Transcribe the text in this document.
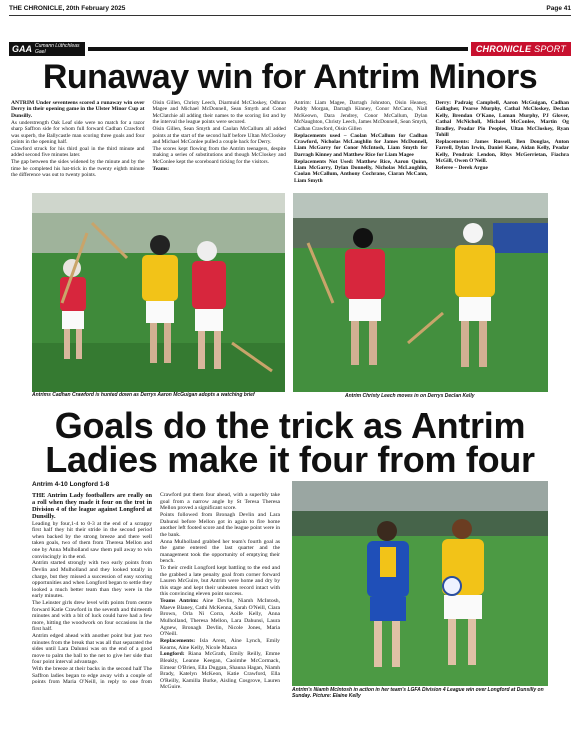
THE CHRONICLE, 20th February 2025	Page 41
GAA Cumann Lúthchleas Gael	CHRONICLE SPORT
Runaway win for Antrim Minors

ANTRIM Under seventeens scored a runaway win over Derry in their opening game in the Ulster Minor Cup at Dunsilly.

As understrength Oak Leaf side were no match for a razor sharp Saffron side for whom full forward Cadhan Crawford was superb, the Ballycastle man scoring three goals and four points in the opening half.

Crawford struck for his third goal in the third minute and added second five minutes later.

The gap between the sides widened by the minute and by the time he completed his hat-trick in the twenty eighth minute the difference was out to twenty points.

Oisin Gillen, Christy Leech, Diarmuid McCloskey, Odhran Magee and Michael McDonnell, Sean Smyth and Conor McClatchie all adding their names to the scoring list and by the interval the league points were secured.

Oisin Gillen, Sean Smyth and Caolan McCallum all added points at the start of the second half before Ultan McCloskey and Michael McConlee pulled a couple back for Derry.

The scores kept flowing from the Antrim teenagers, despite making a series of substitutions and though McCloskey and McConlee kept the scoreboard ticking for the visitors.

Teams:

Antrim: Liam Magee, Darragh Johnston, Oisin Heaney, Paddy Morgan, Darragh Kinney, Conor McCann, Niall McKeown, Dara Jendrey, Conor McCallum, Dylan McNaughton, Christy Leech, James McDonnell, Sean Smyth, Cadhan Crawford, Oisin Gillen

Replacements used – Caolan McCallum for Cadhan Crawford, Nicholas McLaughlin for James McDonnell, Liam McGarry for Conor McIntosh, Liam Smyth for Darragh Kinney and Matthew Rice for Liam Magee

Replacements Not Used: Matthew Rice, Aaron Quinn, Liam McGarry, Dylan Donnelly, Nicholas McLaughlin, Caolan McCallum, Anthony Cochrane, Ciaran McCann, Liam Smyth

Derry: Padraig Campbell, Aaron McGuigan, Cadhan Gallagher, Pearse Murphy, Cathal McCloskey, Declan Kelly, Brendan O'Kane, Loman Murphy, PJ Glover, Cathal McNicholl, Michael McConlee, Martin Og Bradley, Peadar Pio Peoples, Ultan McCloskey, Ryan Tohill

Replacements: James Russell, Ben Douglas, Anton Farrell, Dylan Irwin, Daniel Kane, Aidan Kelly, Peadar Kelly, Pendraic Lendon, Rhys McGerrietan, Fiachra McGill, Owen O'Neill.

Referee – Derek Argue

Antrims Cadhan Crawford is hunted down as Derrys Aaron McGuigan adopts a watching brief	Antrim Christy Leech moves in on Derrys Declan Kelly
Goals do the trick as Antrim
Ladies make it four from four
Antrim 4-10 Longford 1-8

THE Antrim Lady footballers are really on a roll when they made it four on the trot in Division 4 of the league against Longford at Dunsilly.

Leading by four,1-4 to 0-3 at the end of a scrappy first half they hit their stride in the second period when backed by the strong breeze and there well taken goals, two of them from Theresa Mellon and one by Anna Mulholland saw them pull away to win convincingly in the end.

Antrim started strongly with two early points from Devlin and Mulholland and they looked totally in charge, but they missed a succession of easy scoring opportunities and when Longford began to settle they looked a much better team than they were in the early minutes.

The Leinster girls drew level with points from centre forward Katie Crawford in the seventh and thirteenth minutes and with a bit of luck could have had a few more, hitting the woodwork on four occasions in the first half.

Antrim edged ahead with another point but just two minutes from the break that was all that separated the sides until Lara Dalunsi was on the end of a good move to palm the ball to the net to give her side that four point interval advantage.

With the breeze at their backs in the second half The Saffron ladies began to edge away with a couple of points from Maria O'Neill, in reply to one from Crawford put them four ahead, with a superbly take goal from a narrow angle by St Teresa Theresa Mellon proved a significant score.

Points followed from Bronagh Devlin and Lara Dahunsi before Mellon got in again to fire home another left footed score and the league point were in the bank.

Anna Mulholland grabbed her team's fourth goal as the game entered the last quarter and the management took the opportunity of emptying their bench.

To their credit Longford kept battling to the end and the grabbed a late penalty goal from corner forward Lauren McGuire, but Antrim were home and dry by this stage and kept their unbeaten record intact with this convincing eleven point success.

Teams Antrim: Aine Devlin, Niamh McIntosh, Maeve Blaney, Cathi McKenna, Sarah O'Neill, Ciara Brown, Orla Ni Corra, Aoife Kelly, Anna Mulholland, Theresa Mellon, Lara Dahunsi, Laura Agnew, Bronagh Devlin, Nicole Jones, Maria O'Neill.

Replacements: Isla Arent, Aine Lynch, Emily Kearns, Aine Kelly, Nicole Maaca

Longford: Riana McGrath, Emily Reilly, Emme Bleakly, Leanne Keegan, Caoimhe McCormack, Eimear O'Brien, Ella Duggan, Shauna Hagan, Niamh Brady, Katelyn McKeon, Katie Crawford, Ella O'Reilly, Kamilla Burke, Aisling Cosgrove, Lauren McGuire.	Antrim's Niamh McIntosh in action in her team's LGFA Division 4 League win over Longford at Dunsilly on Sunday. Picture: Elaine Kelly
